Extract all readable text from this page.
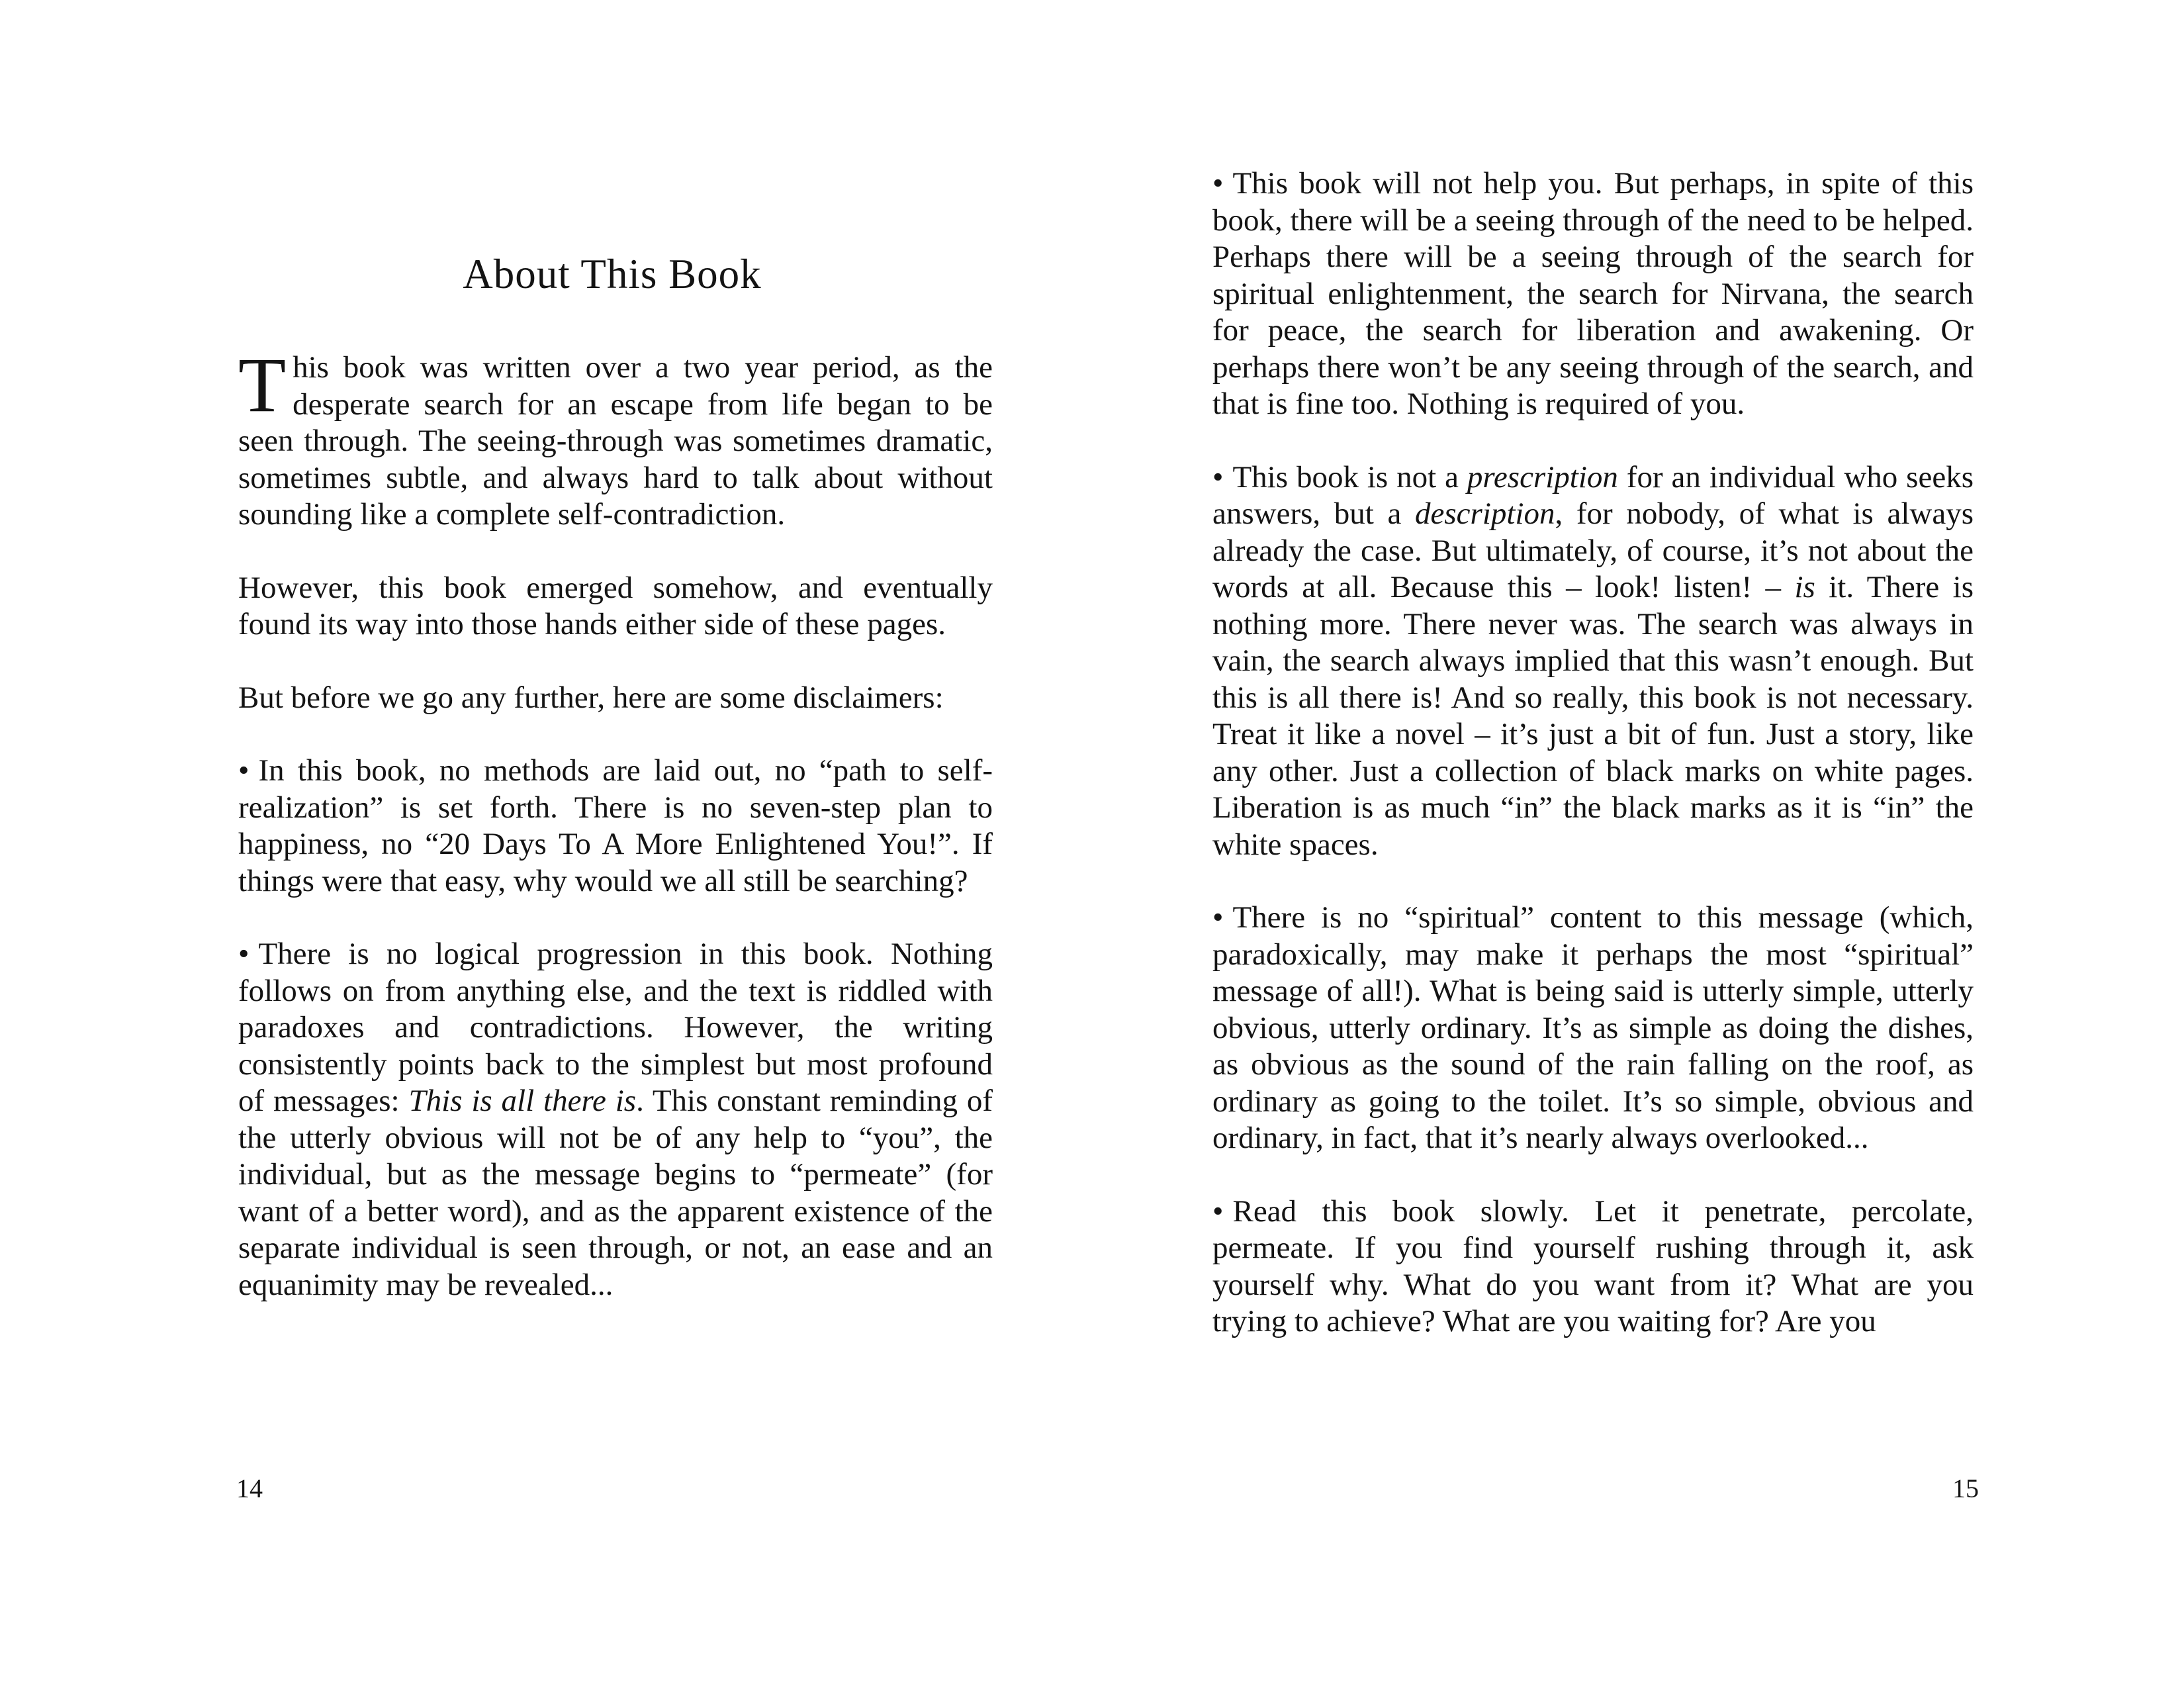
About This Book

This book was written over a two year period, as the desperate search for an escape from life began to be seen through. The seeing-through was sometimes dramatic, sometimes subtle, and always hard to talk about without sounding like a complete self-contradiction.

However, this book emerged somehow, and eventually found its way into those hands either side of these pages.

But before we go any further, here are some disclaimers:

• In this book, no methods are laid out, no “path to self-realization” is set forth. There is no seven-step plan to happiness, no “20 Days To A More Enlightened You!”. If things were that easy, why would we all still be searching?

• There is no logical progression in this book. Nothing follows on from anything else, and the text is riddled with paradoxes and contradictions. However, the writing consistently points back to the simplest but most profound of messages: This is all there is. This constant reminding of the utterly obvious will not be of any help to “you”, the individual, but as the message begins to “permeate” (for want of a better word), and as the apparent existence of the separate individual is seen through, or not, an ease and an equanimity may be revealed...

14

• This book will not help you. But perhaps, in spite of this book, there will be a seeing through of the need to be helped. Perhaps there will be a seeing through of the search for spiritual enlightenment, the search for Nirvana, the search for peace, the search for liberation and awakening. Or perhaps there won’t be any seeing through of the search, and that is fine too. Nothing is required of you.

• This book is not a prescription for an individual who seeks answers, but a description, for nobody, of what is always already the case. But ultimately, of course, it’s not about the words at all. Because this – look! listen! – is it. There is nothing more. There never was. The search was always in vain, the search always implied that this wasn’t enough. But this is all there is! And so really, this book is not necessary. Treat it like a novel – it’s just a bit of fun. Just a story, like any other. Just a collection of black marks on white pages. Liberation is as much “in” the black marks as it is “in” the white spaces.

• There is no “spiritual” content to this message (which, paradoxically, may make it perhaps the most “spiritual” message of all!). What is being said is utterly simple, utterly obvious, utterly ordinary. It’s as simple as doing the dishes, as obvious as the sound of the rain falling on the roof, as ordinary as going to the toilet. It’s so simple, obvious and ordinary, in fact, that it’s nearly always overlooked...

• Read this book slowly. Let it penetrate, percolate, permeate. If you find yourself rushing through it, ask yourself why. What do you want from it? What are you trying to achieve? What are you waiting for? Are you

15
